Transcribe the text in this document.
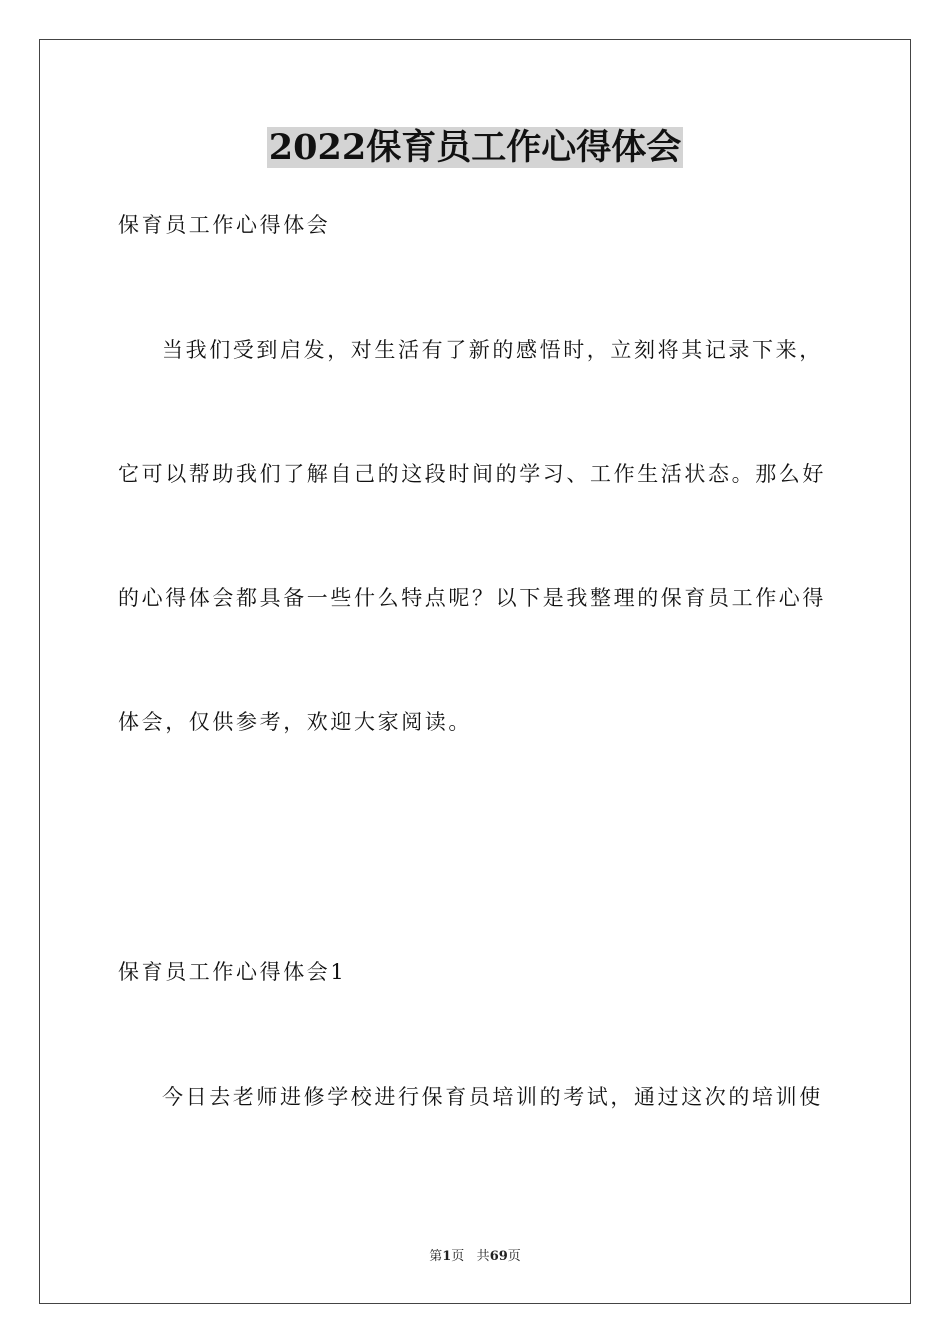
2022保育员工作心得体会
保育员工作心得体会
当我们受到启发，对生活有了新的感悟时，立刻将其记录下来，
它可以帮助我们了解自己的这段时间的学习、工作生活状态。那么好
的心得体会都具备一些什么特点呢？以下是我整理的保育员工作心得
体会，仅供参考，欢迎大家阅读。
保育员工作心得体会1
今日去老师进修学校进行保育员培训的考试，通过这次的培训使
第1页 共69页
